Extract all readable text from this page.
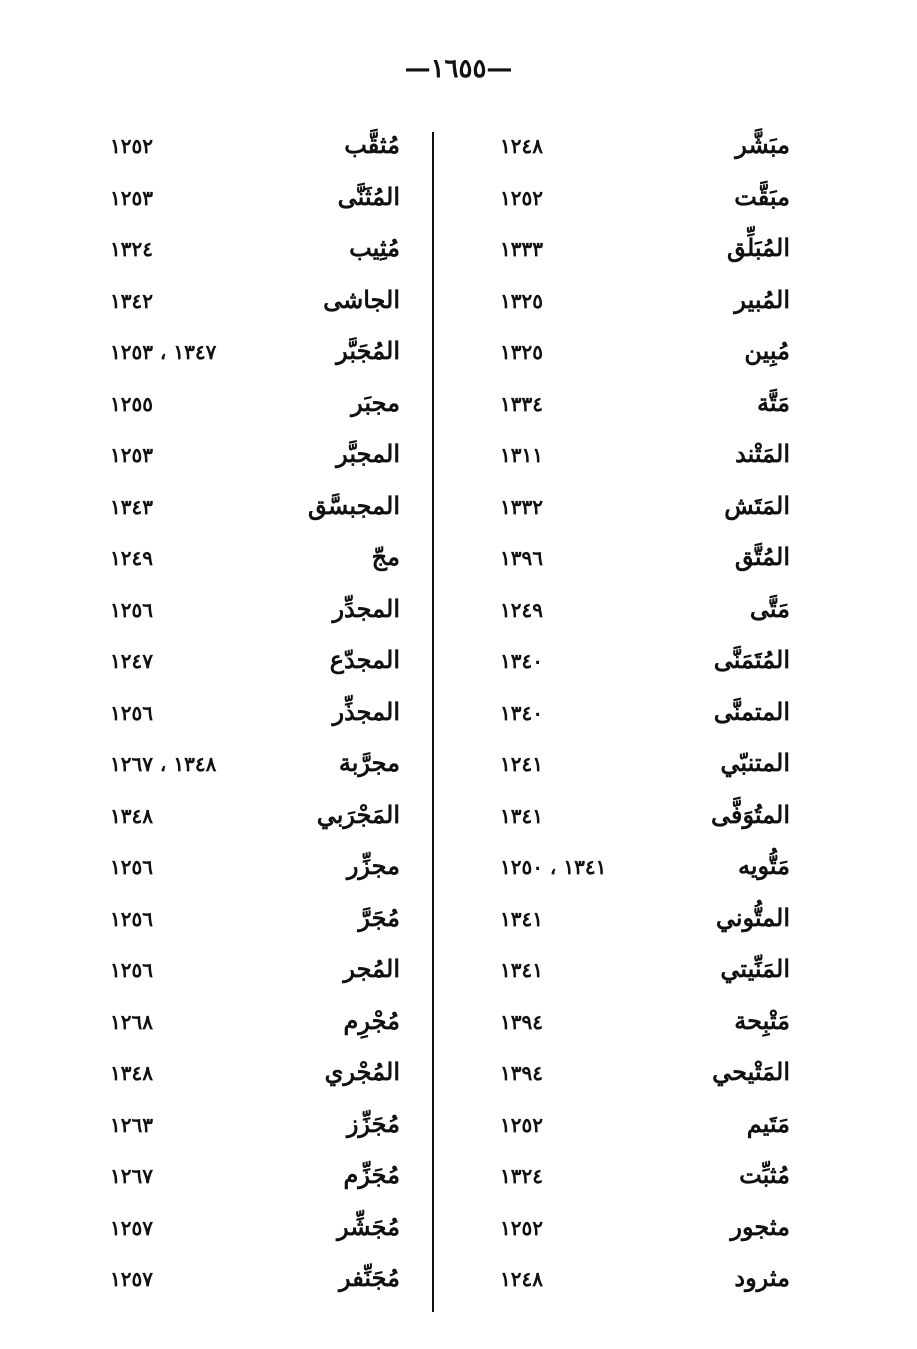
—١٦٥٥—
مبَشَّر
١٢٤٨
مبَقَّت
١٢٥٢
المُبَلِّق
١٣٣٣
المُبير
١٣٢٥
مُبِين
١٣٢٥
مَتَّة
١٣٣٤
المَتْند
١٣١١
المَتَش
١٣٣٢
المُتَّق
١٣٩٦
مَتَّى
١٢٤٩
المُتَمَنَّى
١٣٤٠
المتمنَّى
١٣٤٠
المتنبّي
١٢٤١
المتُوَفَّى
١٣٤١
مَتُّويه
١٣٤١ ، ١٢٥٠
المتُّوني
١٣٤١
المَنِّيتي
١٣٤١
مَتْبِحة
١٣٩٤
المَتْيحي
١٣٩٤
مَتَيم
١٢٥٢
مُثبِّت
١٣٢٤
مثجور
١٢٥٢
مثرود
١٢٤٨
مُثقَّب
١٢٥٢
المُثَنَّى
١٢٥٣
مُثِيب
١٣٢٤
الجاشى
١٣٤٢
المُجَبَّر
١٣٤٧ ، ١٢٥٣
مجبَر
١٢٥٥
المجبَّر
١٢٥٣
المجبسَّق
١٣٤٣
مجّ
١٢٤٩
المجدِّر
١٢٥٦
المجدّع
١٢٤٧
المجذِّر
١٢٥٦
مجرَّبة
١٣٤٨ ، ١٢٦٧
المَجْرَبي
١٣٤٨
مجزِّر
١٢٥٦
مُجَرَّ
١٢٥٦
المُجر
١٢٥٦
مُجْرِم
١٢٦٨
المُجْري
١٣٤٨
مُجَزِّز
١٢٦٣
مُجَزِّم
١٢٦٧
مُجَشِّر
١٢٥٧
مُجَنِّفر
١٢٥٧
